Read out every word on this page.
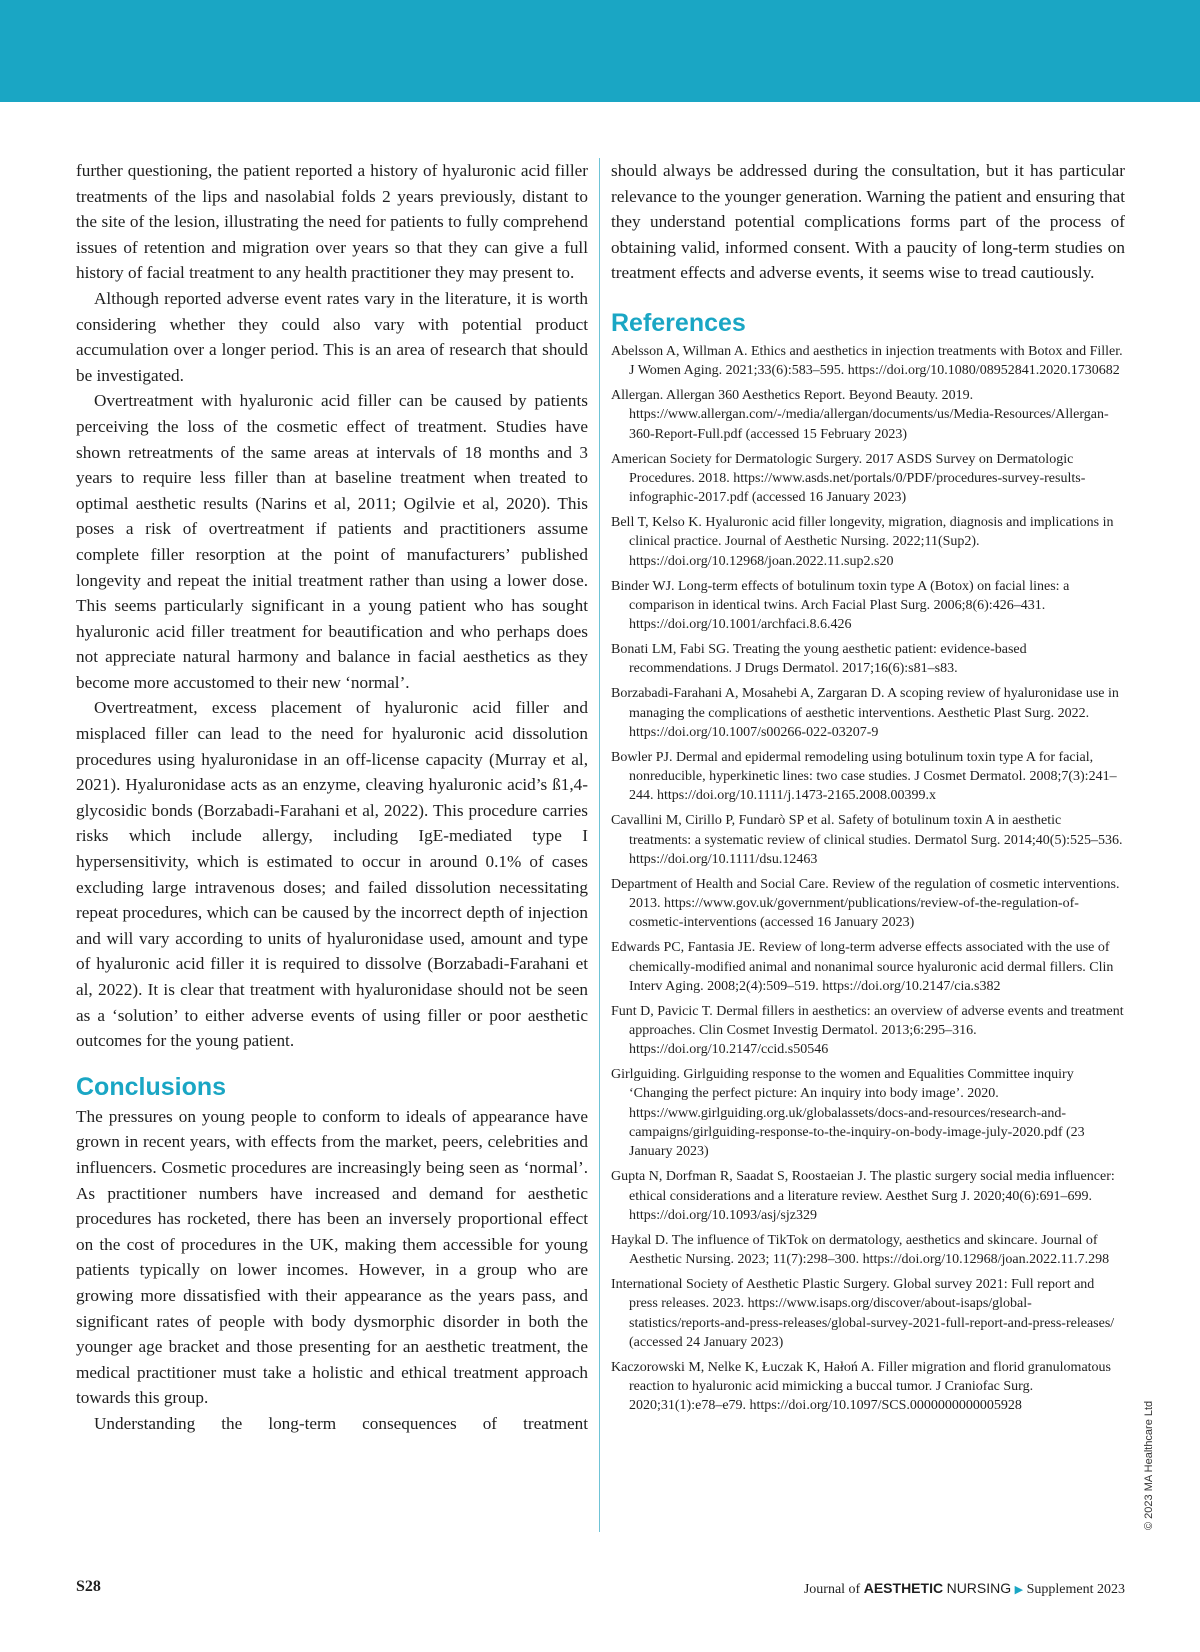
further questioning, the patient reported a history of hyaluronic acid filler treatments of the lips and nasolabial folds 2 years previously, distant to the site of the lesion, illustrating the need for patients to fully comprehend issues of retention and migration over years so that they can give a full history of facial treatment to any health practitioner they may present to.

Although reported adverse event rates vary in the literature, it is worth considering whether they could also vary with potential product accumulation over a longer period. This is an area of research that should be investigated.

Overtreatment with hyaluronic acid filler can be caused by patients perceiving the loss of the cosmetic effect of treatment. Studies have shown retreatments of the same areas at intervals of 18 months and 3 years to require less filler than at baseline treatment when treated to optimal aesthetic results (Narins et al, 2011; Ogilvie et al, 2020). This poses a risk of overtreatment if patients and practitioners assume complete filler resorption at the point of manufacturers’ published longevity and repeat the initial treatment rather than using a lower dose. This seems particularly significant in a young patient who has sought hyaluronic acid filler treatment for beautification and who perhaps does not appreciate natural harmony and balance in facial aesthetics as they become more accustomed to their new ‘normal’.

Overtreatment, excess placement of hyaluronic acid filler and misplaced filler can lead to the need for hyaluronic acid dissolution procedures using hyaluronidase in an off-license capacity (Murray et al, 2021). Hyaluronidase acts as an enzyme, cleaving hyaluronic acid’s ß1,4-glycosidic bonds (Borzabadi-Farahani et al, 2022). This procedure carries risks which include allergy, including IgE-mediated type I hypersensitivity, which is estimated to occur in around 0.1% of cases excluding large intravenous doses; and failed dissolution necessitating repeat procedures, which can be caused by the incorrect depth of injection and will vary according to units of hyaluronidase used, amount and type of hyaluronic acid filler it is required to dissolve (Borzabadi-Farahani et al, 2022). It is clear that treatment with hyaluronidase should not be seen as a ‘solution’ to either adverse events of using filler or poor aesthetic outcomes for the young patient.

Conclusions

The pressures on young people to conform to ideals of appearance have grown in recent years, with effects from the market, peers, celebrities and influencers. Cosmetic procedures are increasingly being seen as ‘normal’. As practitioner numbers have increased and demand for aesthetic procedures has rocketed, there has been an inversely proportional effect on the cost of procedures in the UK, making them accessible for young patients typically on lower incomes. However, in a group who are growing more dissatisfied with their appearance as the years pass, and significant rates of people with body dysmorphic disorder in both the younger age bracket and those presenting for an aesthetic treatment, the medical practitioner must take a holistic and ethical treatment approach towards this group.

Understanding the long-term consequences of treatment

should always be addressed during the consultation, but it has particular relevance to the younger generation. Warning the patient and ensuring that they understand potential complications forms part of the process of obtaining valid, informed consent. With a paucity of long-term studies on treatment effects and adverse events, it seems wise to tread cautiously.

References
Abelsson A, Willman A. Ethics and aesthetics in injection treatments with Botox and Filler. J Women Aging. 2021;33(6):583–595. https://doi.org/10.1080/08952841.2020.1730682
Allergan. Allergan 360 Aesthetics Report. Beyond Beauty. 2019. https://www.allergan.com/-/media/allergan/documents/us/Media-Resources/Allergan-360-Report-Full.pdf (accessed 15 February 2023)
American Society for Dermatologic Surgery. 2017 ASDS Survey on Dermatologic Procedures. 2018. https://www.asds.net/portals/0/PDF/procedures-survey-results-infographic-2017.pdf (accessed 16 January 2023)
Bell T, Kelso K. Hyaluronic acid filler longevity, migration, diagnosis and implications in clinical practice. Journal of Aesthetic Nursing. 2022;11(Sup2). https://doi.org/10.12968/joan.2022.11.sup2.s20
Binder WJ. Long-term effects of botulinum toxin type A (Botox) on facial lines: a comparison in identical twins. Arch Facial Plast Surg. 2006;8(6):426–431. https://doi.org/10.1001/archfaci.8.6.426
Bonati LM, Fabi SG. Treating the young aesthetic patient: evidence-based recommendations. J Drugs Dermatol. 2017;16(6):s81–s83.
Borzabadi-Farahani A, Mosahebi A, Zargaran D. A scoping review of hyaluronidase use in managing the complications of aesthetic interventions. Aesthetic Plast Surg. 2022. https://doi.org/10.1007/s00266-022-03207-9
Bowler PJ. Dermal and epidermal remodeling using botulinum toxin type A for facial, nonreducible, hyperkinetic lines: two case studies. J Cosmet Dermatol. 2008;7(3):241–244. https://doi.org/10.1111/j.1473-2165.2008.00399.x
Cavallini M, Cirillo P, Fundarò SP et al. Safety of botulinum toxin A in aesthetic treatments: a systematic review of clinical studies. Dermatol Surg. 2014;40(5):525–536. https://doi.org/10.1111/dsu.12463
Department of Health and Social Care. Review of the regulation of cosmetic interventions. 2013. https://www.gov.uk/government/publications/review-of-the-regulation-of-cosmetic-interventions (accessed 16 January 2023)
Edwards PC, Fantasia JE. Review of long-term adverse effects associated with the use of chemically-modified animal and nonanimal source hyaluronic acid dermal fillers. Clin Interv Aging. 2008;2(4):509–519. https://doi.org/10.2147/cia.s382
Funt D, Pavicic T. Dermal fillers in aesthetics: an overview of adverse events and treatment approaches. Clin Cosmet Investig Dermatol. 2013;6:295–316. https://doi.org/10.2147/ccid.s50546
Girlguiding. Girlguiding response to the women and Equalities Committee inquiry ‘Changing the perfect picture: An inquiry into body image’. 2020. https://www.girlguiding.org.uk/globalassets/docs-and-resources/research-and-campaigns/girlguiding-response-to-the-inquiry-on-body-image-july-2020.pdf (23 January 2023)
Gupta N, Dorfman R, Saadat S, Roostaeian J. The plastic surgery social media influencer: ethical considerations and a literature review. Aesthet Surg J. 2020;40(6):691–699. https://doi.org/10.1093/asj/sjz329
Haykal D. The influence of TikTok on dermatology, aesthetics and skincare. Journal of Aesthetic Nursing. 2023; 11(7):298–300. https://doi.org/10.12968/joan.2022.11.7.298
International Society of Aesthetic Plastic Surgery. Global survey 2021: Full report and press releases. 2023. https://www.isaps.org/discover/about-isaps/global-statistics/reports-and-press-releases/global-survey-2021-full-report-and-press-releases/ (accessed 24 January 2023)
Kaczorowski M, Nelke K, Łuczak K, Hałoń A. Filler migration and florid granulomatous reaction to hyaluronic acid mimicking a buccal tumor. J Craniofac Surg. 2020;31(1):e78–e79. https://doi.org/10.1097/SCS.0000000000005928	© 2023 MA Healthcare Ltd
S28	Journal of AESTHETIC NURSING ▶ Supplement 2023
